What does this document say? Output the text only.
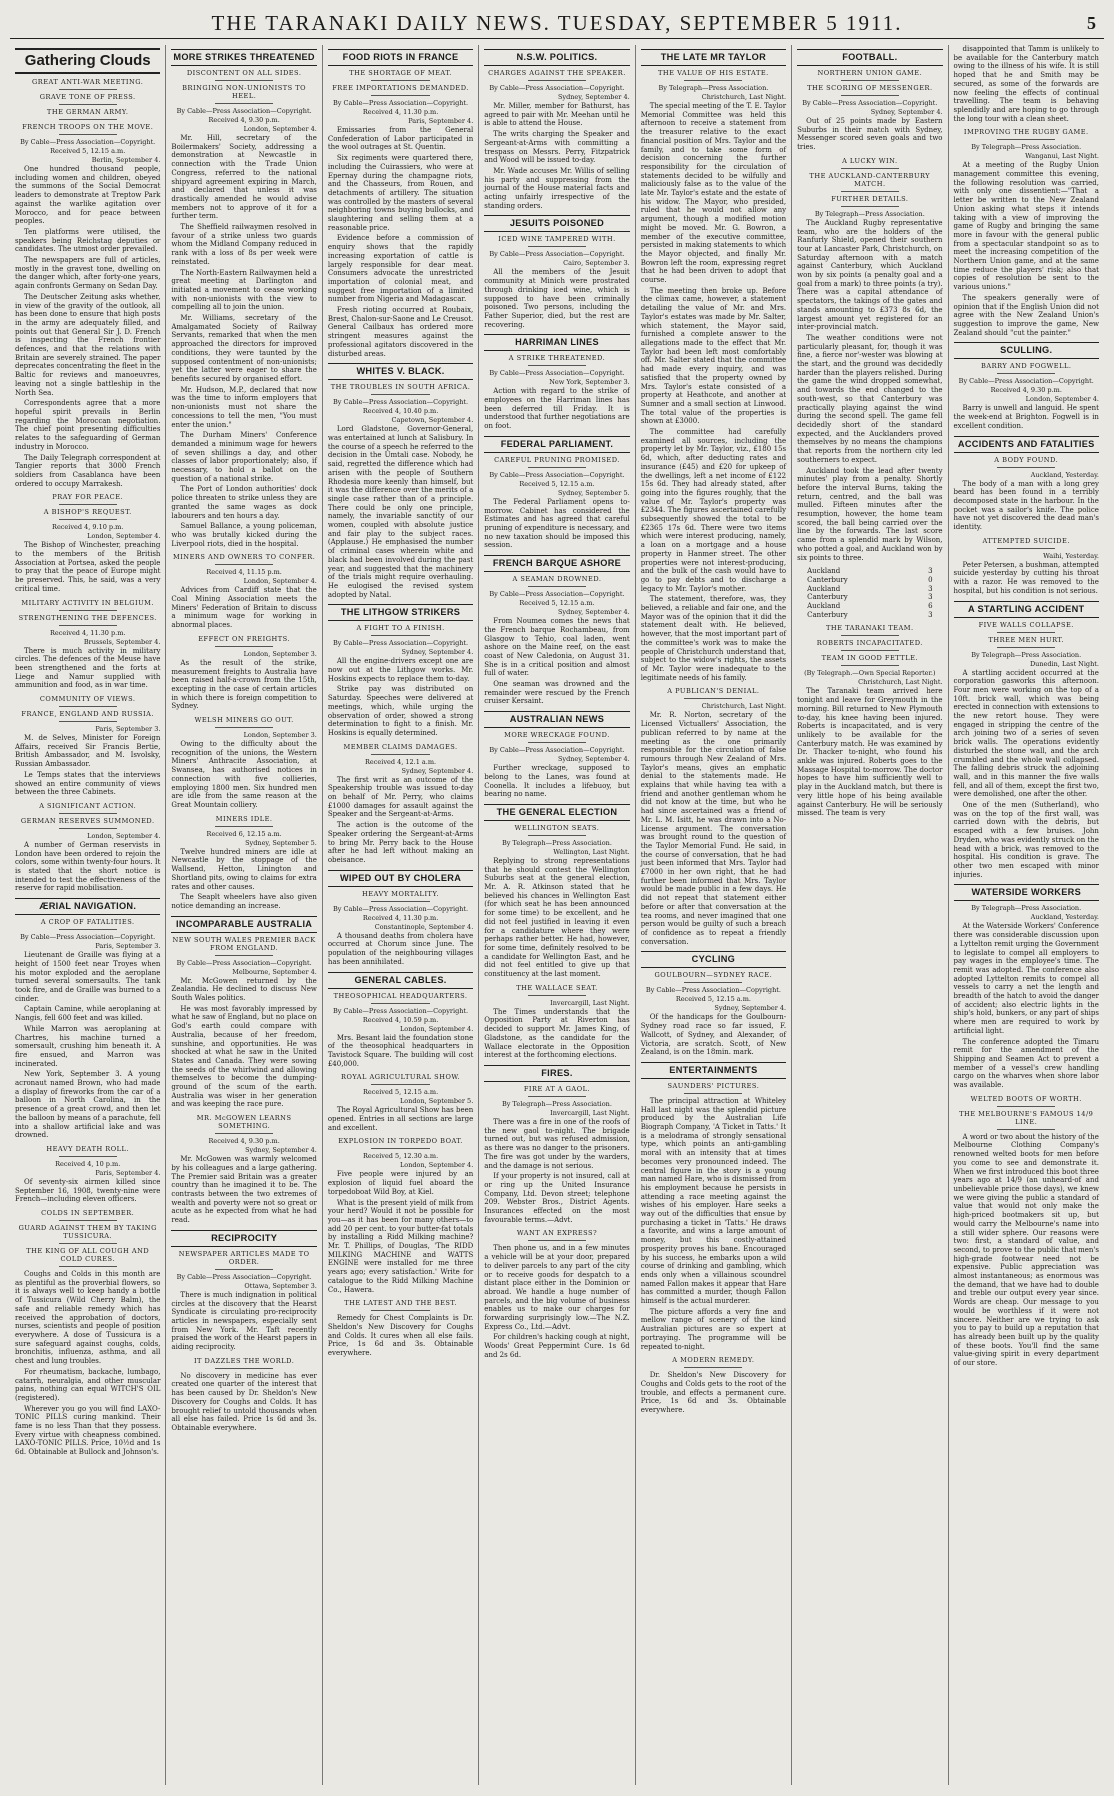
THE TARANAKI DAILY NEWS. TUESDAY, SEPTEMBER 5 1911.	5
Gathering Clouds
GREAT ANTI-WAR MEETING.
GRAVE TONE OF PRESS.
THE GERMAN ARMY.
FRENCH TROOPS ON THE MOVE.
By Cable—Press Association—Copyright.
Received 5, 12.15 a.m.
Berlin, September 4.

One hundred thousand people, including women and children, obeyed the summons of the Social Democrat leaders to demonstrate at Treptow Park against the warlike agitation over Morocco, and for peace between peoples.

Ten platforms were utilised, the speakers being Reichstag deputies or candidates. The utmost order prevailed.

The newspapers are full of articles, mostly in the gravest tone, dwelling on the danger which, after forty-one years, again confronts Germany on Sedan Day.

The Deutscher Zeitung asks whether, in view of the gravity of the outlook, all has been done to ensure that high posts in the army are adequately filled, and points out that General Sir J. D. French is inspecting the French frontier defences, and that the relations with Britain are severely strained. The paper deprecates concentrating the fleet in the Baltic for reviews and manoeuvres, leaving not a single battleship in the North Sea.

Correspondents agree that a more hopeful spirit prevails in Berlin regarding the Moroccan negotiation. The chief point presenting difficulties relates to the safeguarding of German industry in Morocco.

The Daily Telegraph correspondent at Tangier reports that 3000 French soldiers from Casablanca have been ordered to occupy Marrakesh.

PRAY FOR PEACE.
A BISHOP'S REQUEST.
Received 4, 9.10 p.m.
London, September 4.

The Bishop of Winchester, preaching to the members of the British Association at Portsea, asked the people to pray that the peace of Europe might be preserved. This, he said, was a very critical time.

MILITARY ACTIVITY IN BELGIUM.
STRENGTHENING THE DEFENCES.
Received 4, 11.30 p.m.
Brussels, September 4.

There is much activity in military circles. The defences of the Meuse have been strengthened and the forts at Liege and Namur supplied with ammunition and food, as in war time.

COMMUNITY OF VIEWS.
FRANCE, ENGLAND AND RUSSIA.
Paris, September 3.

M. de Selves, Minister for Foreign Affairs, received Sir Francis Bertie, British Ambassador, and M. Isvolsky, Russian Ambassador.

Le Temps states that the interviews showed an entire community of views between the three Cabinets.

A SIGNIFICANT ACTION.
GERMAN RESERVES SUMMONED.
London, September 4.

A number of German reservists in London have been ordered to rejoin the colors, some within twenty-four hours. It is stated that the short notice is intended to test the effectiveness of the reserve for rapid mobilisation.

ÆRIAL NAVIGATION.
A CROP OF FATALITIES.
By Cable—Press Association—Copyright.
Paris, September 3.

Lieutenant de Graille was flying at a height of 1500 feet near Troyes when his motor exploded and the aeroplane turned several somersaults. The tank took fire, and de Graille was burned to a cinder.

Captain Camine, while aeroplaning at Nangis, fell 600 feet and was killed.

While Marron was aeroplaning at Chartres, his machine turned a somersault, crushing him beneath it. A fire ensued, and Marron was incinerated.

New York, September 3. A young acronaut named Brown, who had made a display of fireworks from the car of a balloon in North Carolina, in the presence of a great crowd, and then let the balloon by means of a parachute, fell into a shallow artificial lake and was drowned.

HEAVY DEATH ROLL.
Received 4, 10 p.m.
Paris, September 4.

Of seventy-six airmen killed since September 16, 1908, twenty-nine were French—including eleven officers.

COLDS IN SEPTEMBER.
GUARD AGAINST THEM BY TAKING TUSSICURA.
THE KING OF ALL COUGH AND COLD CURES.

Coughs and Colds in this month are as plentiful as the proverbial flowers, so it is always well to keep handy a bottle of Tussicura (Wild Cherry Balm), the safe and reliable remedy which has received the approbation of doctors, nurses, scientists and people of position everywhere. A dose of Tussicura is a sure safeguard against coughs, colds, bronchitis, influenza, asthma, and all chest and lung troubles.

For rheumatism, backache, lumbago, catarrh, neuralgia, and other muscular pains, nothing can equal WITCH'S OIL (registered).

Wherever you go you will find LAXO-TONIC PILLS curing mankind. Their fame is no less Than that they possess. Every virtue with cheapness combined. LAXO-TONIC PILLS. Price, 10½d and 1s 6d. Obtainable at Bullock and Johnson's.

MORE STRIKES THREATENED
DISCONTENT ON ALL SIDES.
BRINGING NON-UNIONISTS TO HEEL.
By Cable—Press Association—Copyright.
Received 4, 9.30 p.m.
London, September 4.

Mr. Hill, secretary of the Boilermakers' Society, addressing a demonstration at Newcastle in connection with the Trade Union Congress, referred to the national shipyard agreement expiring in March, and declared that unless it was drastically amended he would advise members not to approve of it for a further term.

The Sheffield railwaymen resolved in favour of a strike unless two guards whom the Midland Company reduced in rank with a loss of 8s per week were reinstated.

The North-Eastern Railwaymen held a great meeting at Darlington and initiated a movement to cease working with non-unionists with the view to compelling all to join the union.

Mr. Williams, secretary of the Amalgamated Society of Railway Servants, remarked that when the men approached the directors for improved conditions, they were taunted by the supposed contentment of non-unionists; yet the latter were eager to share the benefits secured by organised effort.

Mr. Hudson, M.P., declared that now was the time to inform employers that non-unionists must not share the concessions to tell the men, "You must enter the union."

The Durham Miners' Conference demanded a minimum wage for hewers of seven shillings a day, and other classes of labor proportionately; also, if necessary, to hold a ballot on the question of a national strike.

The Port of London authorities' dock police threaten to strike unless they are granted the same wages as dock labourers and ten hours a day.

Samuel Ballance, a young policeman, who was brutally kicked during the Liverpool riots, died in the hospital.

MINERS AND OWNERS TO CONFER.
Received 4, 11.15 p.m.
London, September 4.

Advices from Cardiff state that the Coal Mining Association meets the Miners' Federation of Britain to discuss a minimum wage for working in abnormal places.

EFFECT ON FREIGHTS.
London, September 3.

As the result of the strike, measurement freights to Australia have been raised half-a-crown from the 15th, excepting in the case of certain articles in which there is foreign competition to Sydney.

WELSH MINERS GO OUT.
London, September 3.

Owing to the difficulty about the recognition of the unions, the Western Miners' Anthracite Association, at Swansea, has authorised notices in connection with five collieries, employing 1800 men. Six hundred men are idle from the same reason at the Great Mountain colliery.

MINERS IDLE.
Received 6, 12.15 a.m.
Sydney, September 5.

Twelve hundred miners are idle at Newcastle by the stoppage of the Wallsend, Hetton, Linington and Shortland pits, owing to claims for extra rates and other causes.

The Seaplt wheelers have also given notice demanding an increase.

INCOMPARABLE AUSTRALIA
NEW SOUTH WALES PREMIER BACK FROM ENGLAND.
By Cable—Press Association—Copyright.
Melbourne, September 4.

Mr. McGowen returned by the Zealandia. He declined to discuss New South Wales politics.

He was most favorably impressed by what he saw of England, but no place on God's earth could compare with Australia, because of her freedom, sunshine, and opportunities. He was shocked at what he saw in the United States and Canada. They were sowing the seeds of the whirlwind and allowing themselves to become the dumping-ground of the scum of the earth. Australia was wiser in her generation and was keeping the race pure.

MR. McGOWEN LEARNS SOMETHING.
Received 4, 9.30 p.m.
Sydney, September 4.

Mr. McGowen was warmly welcomed by his colleagues and a large gathering. The Premier said Britain was a greater country than he imagined it to be. The contrasts between the two extremes of wealth and poverty were not so great or acute as he expected from what he had read.

RECIPROCITY
NEWSPAPER ARTICLES MADE TO ORDER.
By Cable—Press Association—Copyright.
Ottawa, September 3.

There is much indignation in political circles at the discovery that the Hearst Syndicate is circulating pro-reciprocity articles in newspapers, especially sent from New York. Mr. Taft recently praised the work of the Hearst papers in aiding reciprocity.

IT DAZZLES THE WORLD.

No discovery in medicine has ever created one quarter of the interest that has been caused by Dr. Sheldon's New Discovery for Coughs and Colds. It has brought relief to untold thousands when all else has failed. Price 1s 6d and 3s. Obtainable everywhere.

FOOD RIOTS IN FRANCE
THE SHORTAGE OF MEAT.
FREE IMPORTATIONS DEMANDED.
By Cable—Press Association—Copyright.
Received 4, 11.30 p.m.
Paris, September 4.

Emissaries from the General Confederation of Labor participated in the wool outrages at St. Quentin.

Six regiments were quartered there, including the Cuirassiers, who were at Epernay during the champagne riots, and the Chasseurs, from Rouen, and detachments of artillery. The situation was controlled by the masters of several neighboring towns buying bullocks, and slaughtering and selling them at a reasonable price.

Evidence before a commission of enquiry shows that the rapidly increasing exportation of cattle is largely responsible for dear meat. Consumers advocate the unrestricted importation of colonial meat, and suggest free importation of a limited number from Nigeria and Madagascar.

Fresh rioting occurred at Roubaix, Brest, Chalon-sur-Saone and Le Creusot. General Cailbaux has ordered more stringent measures against the professional agitators discovered in the disturbed areas.

WHITES V. BLACK.
THE TROUBLES IN SOUTH AFRICA.
By Cable—Press Association—Copyright.
Received 4, 10.40 p.m.
Capetown, September 4.

Lord Gladstone, Governor-General, was entertained at lunch at Salisbury. In the course of a speech he referred to the decision in the Umtali case. Nobody, he said, regretted the difference which had arisen with the people of Southern Rhodesia more keenly than himself, but it was the difference over the merits of a single case rather than of a principle. There could be only one principle, namely, the invariable sanctity of our women, coupled with absolute justice and fair play to the subject races. (Applause.) He emphasised the number of criminal cases wherein white and black had been involved during the past year, and suggested that the machinery of the trials might require overhauling. He eulogised the revised system adopted by Natal.

THE LITHGOW STRIKERS
A FIGHT TO A FINISH.
By Cable—Press Association—Copyright.
Sydney, September 4.

All the engine-drivers except one are now out at the Lithgow works. Mr. Hoskins expects to replace them to-day.

Strike pay was distributed on Saturday. Speeches were delivered at meetings, which, while urging the observation of order, showed a strong determination to fight to a finish. Mr. Hoskins is equally determined.

MEMBER CLAIMS DAMAGES.
Received 4, 12.1 a.m.
Sydney, September 4.

The first writ as an outcome of the Speakership trouble was issued to-day on behalf of Mr. Perry, who claims £1000 damages for assault against the Speaker and the Sergeant-at-Arms.

The action is the outcome of the Speaker ordering the Sergeant-at-Arms to bring Mr. Perry back to the House after he had left without making an obeisance.

WIPED OUT BY CHOLERA
HEAVY MORTALITY.
By Cable—Press Association—Copyright.
Received 4, 11.30 p.m.
Constantinople, September 4.

A thousand deaths from cholera have occurred at Chorum since June. The population of the neighbouring villages has been annihilated.

GENERAL CABLES.
THEOSOPHICAL HEADQUARTERS.
By Cable—Press Association—Copyright.
Received 4, 10.59 p.m.
London, September 4.

Mrs. Besant laid the foundation stone of the theosophical headquarters in Tavistock Square. The building will cost £40,000.

ROYAL AGRICULTURAL SHOW.
Received 5, 12.15 a.m.
London, September 5.

The Royal Agricultural Show has been opened. Entries in all sections are large and excellent.

EXPLOSION IN TORPEDO BOAT.
Received 5, 12.30 a.m.
London, September 4.

Five people were injured by an explosion of liquid fuel aboard the torpedoboat Wild Boy, at Kiel.

What is the present yield of milk from your herd? Would it not be possible for you—as it has been for many others—to add 20 per cent. to your butter-fat totals by installing a Ridd Milking machine? Mr. T. Phillips, of Douglas, 'The RIDD MILKING MACHINE and WATTS ENGINE were installed for me three years ago; every satisfaction.' Write for catalogue to the Ridd Milking Machine Co., Hawera.

THE LATEST AND THE BEST.

Remedy for Chest Complaints is Dr. Sheldon's New Discovery for Coughs and Colds. It cures when all else fails. Price, 1s 6d and 3s. Obtainable everywhere.

N.S.W. POLITICS.
CHARGES AGAINST THE SPEAKER.
By Cable—Press Association—Copyright.
Sydney, September 4.

Mr. Miller, member for Bathurst, has agreed to pair with Mr. Meehan until he is able to attend the House.

The writs charging the Speaker and Sergeant-at-Arms with committing a trespass on Messrs. Perry, Fitzpatrick and Wood will be issued to-day.

Mr. Wade accuses Mr. Willis of selling his party and suppressing from the journal of the House material facts and acting unfairly irrespective of the standing orders.

JESUITS POISONED
ICED WINE TAMPERED WITH.
By Cable—Press Association—Copyright.
Cairo, September 3.

All the members of the Jesuit community at Minich were prostrated through drinking iced wine, which is supposed to have been criminally poisoned. Two persons, including the Father Superior, died, but the rest are recovering.

HARRIMAN LINES
A STRIKE THREATENED.
By Cable—Press Association—Copyright.
New York, September 3.

Action with regard to the strike of employees on the Harriman lines has been deferred till Friday. It is understood that further negotiations are on foot.

FEDERAL PARLIAMENT.
CAREFUL PRUNING PROMISED.
By Cable—Press Association—Copyright.
Received 5, 12.15 a.m.
Sydney, September 5.

The Federal Parliament opens to-morrow. Cabinet has considered the Estimates and has agreed that careful pruning of expenditure is necessary, and no new taxation should be imposed this session.

FRENCH BARQUE ASHORE
A SEAMAN DROWNED.
By Cable—Press Association—Copyright.
Received 5, 12.15 a.m.
Sydney, September 4.

From Noumea comes the news that the French barque Rochambeau, from Glasgow to Tehio, coal laden, went ashore on the Maine reef, on the east coast of New Caledonia, on August 31. She is in a critical position and almost full of water.

One seaman was drowned and the remainder were rescued by the French cruiser Kersaint.

AUSTRALIAN NEWS
MORE WRECKAGE FOUND.
By Cable—Press Association—Copyright.
Sydney, September 4.

Further wreckage, supposed to belong to the Lanes, was found at Coonella. It includes a lifebuoy, but bearing no name.

THE GENERAL ELECTION
WELLINGTON SEATS.
By Telegraph—Press Association.
Wellington, Last Night.

Replying to strong representations that he should contest the Wellington Suburbs seat at the general election, Mr. A. R. Atkinson stated that he believed his chances in Wellington East (for which seat he has been announced for some time) to be excellent, and he did not feel justified in leaving it even for a candidature where they were perhaps rather better. He had, however, for some time, definitely resolved to be a candidate for Wellington East, and he did not feel entitled to give up that constituency at the last moment.

THE WALLACE SEAT.
Invercargill, Last Night.

The Times understands that the Opposition Party at Riverton has decided to support Mr. James King, of Gladstone, as the candidate for the Wallace electorate in the Opposition interest at the forthcoming elections.

FIRES.
FIRE AT A GAOL.
By Telegraph—Press Association.
Invercargill, Last Night.

There was a fire in one of the roofs of the new gaol to-night. The brigade turned out, but was refused admission, as there was no danger to the prisoners. The fire was got under by the warders, and the damage is not serious.

If your property is not insured, call at or ring up the United Insurance Company, Ltd. Devon street; telephone 209. Webster Bros., District Agents. Insurances effected on the most favourable terms.—Advt.

WANT AN EXPRESS?

Then phone us, and in a few minutes a vehicle will be at your door, prepared to deliver parcels to any part of the city or to receive goods for despatch to a distant place either in the Dominion or abroad. We handle a huge number of parcels, and the big volume of business enables us to make our charges for forwarding surprisingly low.—The N.Z. Express Co., Ltd.—Advt.

For children's hacking cough at night, Woods' Great Peppermint Cure. 1s 6d and 2s 6d.

THE LATE MR TAYLOR
THE VALUE OF HIS ESTATE.
By Telegraph—Press Association.
Christchurch, Last Night.

The special meeting of the T. E. Taylor Memorial Committee was held this afternoon to receive a statement from the treasurer relative to the exact financial position of Mrs. Taylor and the family, and to take some form of decision concerning the further responsibility for the circulation of statements decided to be wilfully and maliciously false as to the value of the late Mr. Taylor's estate and the estate of his widow. The Mayor, who presided, ruled that he would not allow any argument, though a modified motion might be moved. Mr. G. Bowron, a member of the executive committee, persisted in making statements to which the Mayor objected, and finally Mr. Bowron left the room, expressing regret that he had been driven to adopt that course.

The meeting then broke up. Before the climax came, however, a statement detailing the value of Mr. and Mrs. Taylor's estates was made by Mr. Salter, which statement, the Mayor said, furnished a complete answer to the allegations made to the effect that Mr. Taylor had been left most comfortably off. Mr. Salter stated that the committee had made every inquiry, and was satisfied that the property owned by Mrs. Taylor's estate consisted of a property at Heathcote, and another at Sumner and a small section at Linwood. The total value of the properties is shown at £3000.

The committee had carefully examined all sources, including the property let by Mr. Taylor, viz., £180 15s 6d, which, after deducting rates and insurance (£45) and £20 for upkeep of the dwellings, left a net income of £122 15s 6d. They had already stated, after going into the figures roughly, that the value of Mr. Taylor's property was £2344. The figures ascertained carefully subsequently showed the total to be £2365 17s 6d. There were two items which were interest producing, namely, a loan on a mortgage and a house property in Hanmer street. The other properties were not interest-producing, and the bulk of the cash would have to go to pay debts and to discharge a legacy to Mr. Taylor's mother.

The statement, therefore, was, they believed, a reliable and fair one, and the Mayor was of the opinion that it did the statement dealt with. He believed, however, that the most important part of the committee's work was to make the people of Christchurch understand that, subject to the widow's rights, the assets of Mr. Taylor were inadequate to the legitimate needs of his family.

A PUBLICAN'S DENIAL.
Christchurch, Last Night.

Mr. R. Norton, secretary of the Licensed Victuallers' Association, the publican referred to by name at the meeting as the one primarily responsible for the circulation of false rumours through New Zealand of Mrs. Taylor's means, gives an emphatic denial to the statements made. He explains that while having tea with a friend and another gentleman whom he did not know at the time, but who he had since ascertained was a friend of Mr. L. M. Isitt, he was drawn into a No-License argument. The conversation was brought round to the question of the Taylor Memorial Fund. He said, in the course of conversation, that he had just been informed that Mrs. Taylor had £7000 in her own right, that he had further been informed that Mrs. Taylor would be made public in a few days. He did not repeat that statement either before or after that conversation at the tea rooms, and never imagined that one person would be guilty of such a breach of confidence as to repeat a friendly conversation.

CYCLING
GOULBOURN—SYDNEY RACE.
By Cable—Press Association—Copyright.
Received 5, 12.15 a.m.
Sydney, September 4.

Of the handicaps for the Goulbourn-Sydney road race so far issued, F. Wallcott, of Sydney, and Alexander, of Victoria, are scratch. Scott, of New Zealand, is on the 18min. mark.

ENTERTAINMENTS
SAUNDERS' PICTURES.

The principal attraction at Whiteley Hall last night was the splendid picture produced by the Australian Life Biograph Company, 'A Ticket in Tatts.' It is a melodrama of strongly sensational type, which points an anti-gambling moral with an intensity that at times becomes very pronounced indeed. The central figure in the story is a young man named Hare, who is dismissed from his employment because he persists in attending a race meeting against the wishes of his employer. Hare seeks a way out of the difficulties that ensue by purchasing a ticket in 'Tatts.' He draws a favorite, and wins a large amount of money, but this costly-attained prosperity proves his bane. Encouraged by his success, he embarks upon a wild course of drinking and gambling, which ends only when a villainous scoundrel named Fallon makes it appear that Hare has committed a murder, though Fallon himself is the actual murderer.

The picture affords a very fine and mellow range of scenery of the kind Australian pictures are so expert at portraying. The programme will be repeated to-night.

A MODERN REMEDY.

Dr. Sheldon's New Discovery for Coughs and Colds gets to the root of the trouble, and effects a permanent cure. Price, 1s 6d and 3s. Obtainable everywhere.

FOOTBALL.
NORTHERN UNION GAME.
THE SCORING OF MESSENGER.
By Cable—Press Association—Copyright.
Sydney, September 4.

Out of 25 points made by Eastern Suburbs in their match with Sydney, Messenger scored seven goals and two tries.

A LUCKY WIN.
THE AUCKLAND-CANTERBURY MATCH.
FURTHER DETAILS.
By Telegraph—Press Association.

The Auckland Rugby representative team, who are the holders of the Ranfurly Shield, opened their southern tour at Lancaster Park, Christchurch, on Saturday afternoon with a match against Canterbury, which Auckland won by six points (a penalty goal and a goal from a mark) to three points (a try). There was a capital attendance of spectators, the takings of the gates and stands amounting to £373 8s 6d, the largest amount yet registered for an inter-provincial match.

The weather conditions were not particularly pleasant, for, though it was fine, a fierce nor'-wester was blowing at the start, and the ground was decidedly harder than the players relished. During the game the wind dropped somewhat, and towards the end changed to the south-west, so that Canterbury was practically playing against the wind during the second spell. The game fell decidedly short of the standard expected, and the Aucklanders proved themselves by no means the champions that reports from the northern city led southerners to expect.

Auckland took the lead after twenty minutes' play from a penalty. Shortly before the interval Burns, taking the return, centred, and the ball was mulled. Fifteen minutes after the resumption, however, the home team scored, the ball being carried over the line by the forwards. The last score came from a splendid mark by Wilson, who potted a goal, and Auckland won by six points to three.

Auckland	3
Canterbury	0
Auckland	3
Canterbury	3
Auckland	6
Canterbury	3
THE TARANAKI TEAM.
ROBERTS INCAPACITATED.
TEAM IN GOOD FETTLE.
(By Telegraph.—Own Special Reporter.)
Christchurch, Last Night.

The Taranaki team arrived here tonight and leave for Greymouth in the morning. Bill returned to New Plymouth to-day, his knee having been injured. Roberts is incapacitated, and is very unlikely to be available for the Canterbury match. He was examined by Dr. Thacker to-night, who found his ankle was injured. Roberts goes to the Massage Hospital to-morrow. The doctor hopes to have him sufficiently well to play in the Auckland match, but there is very little hope of his being available against Canterbury. He will be seriously missed. The team is very

disappointed that Tamm is unlikely to be available for the Canterbury match owing to the illness of his wife. It is still hoped that he and Smith may be secured, as some of the forwards are now feeling the effects of continual travelling. The team is behaving splendidly and are hoping to go through the long tour with a clean sheet.

IMPROVING THE RUGBY GAME.
By Telegraph—Press Association.
Wanganui, Last Night.

At a meeting of the Rugby Union management committee this evening, the following resolution was carried, with only one dissentient:—"That a letter be written to the New Zealand Union asking what steps it intends taking with a view of improving the game of Rugby and bringing the same more in favour with the general public from a spectacular standpoint so as to meet the increasing competition of the Northern Union game, and at the same time reduce the players' risk; also that copies of resolution be sent to the various unions."

The speakers generally were of opinion that if the English Union did not agree with the New Zealand Union's suggestion to improve the game, New Zealand should "cut the painter."

SCULLING.
BARRY AND FOGWELL.
By Cable—Press Association—Copyright.
Received 4, 9.30 p.m.
London, September 4.

Barry is unwell and languid. He spent the week-end at Brighton. Fogwell is in excellent condition.

ACCIDENTS AND FATALITIES
A BODY FOUND.
Auckland, Yesterday.

The body of a man with a long grey beard has been found in a terribly decomposed state in the harbour. In the pocket was a sailor's knife. The police have not yet discovered the dead man's identity.

ATTEMPTED SUICIDE.
Waihi, Yesterday.

Peter Petersen, a bushman, attempted suicide yesterday by cutting his throat with a razor. He was removed to the hospital, but his condition is not serious.

A STARTLING ACCIDENT
FIVE WALLS COLLAPSE.
THREE MEN HURT.
By Telegraph—Press Association.
Dunedin, Last Night.

A startling accident occurred at the corporation gasworks this afternoon. Four men were working on the top of a 10ft. brick wall, which was being erected in connection with extensions to the new retort house. They were engaged in stripping the centre of the arch joining two of a series of seven brick walls. The operations evidently disturbed the stone wall, and the arch crumbled and the whole wall collapsed. The falling debris struck the adjoining wall, and in this manner the five walls fell, and all of them, except the first two, were demolished, one after the other.

One of the men (Sutherland), who was on the top of the first wall, was carried down with the debris, but escaped with a few bruises. John Dryden, who was evidently struck on the head with a brick, was removed to the hospital. His condition is grave. The other two men escaped with minor injuries.

WATERSIDE WORKERS
By Telegraph—Press Association.
Auckland, Yesterday.

At the Waterside Workers' Conference there was considerable discussion upon a Lyttelton remit urging the Government to legislate to compel all employers to pay wages in the employee's time. The remit was adopted. The conference also adopted Lyttelton remits to compel all vessels to carry a net the length and breadth of the hatch to avoid the danger of accident; also electric lights in the ship's hold, bunkers, or any part of ships where men are required to work by artificial light.

The conference adopted the Timaru remit for the amendment of the Shipping and Seamen Act to prevent a member of a vessel's crew handling cargo on the wharves when shore labor was available.

WELTED BOOTS OF WORTH.
THE MELBOURNE'S FAMOUS 14/9 LINE.

A word or two about the history of the Melbourne Clothing Company's renowned welted boots for men before you come to see and demonstrate it. When we first introduced this boot three years ago at 14/9 (an unheard-of and unbelievable price those days), we knew we were giving the public a standard of value that would not only make the high-priced bootmakers sit up, but would carry the Melbourne's name into a still wider sphere. Our reasons were two: first, a standard of value, and second, to prove to the public that men's high-grade footwear need not be expensive. Public appreciation was almost instantaneous; as enormous was the demand, that we have had to double and treble our output every year since. Words are cheap. Our message to you would be worthless if it were not sincere. Neither are we trying to ask you to pay to build up a reputation that has already been built up by the quality of these boots. You'll find the same value-giving spirit in every department of our store.
